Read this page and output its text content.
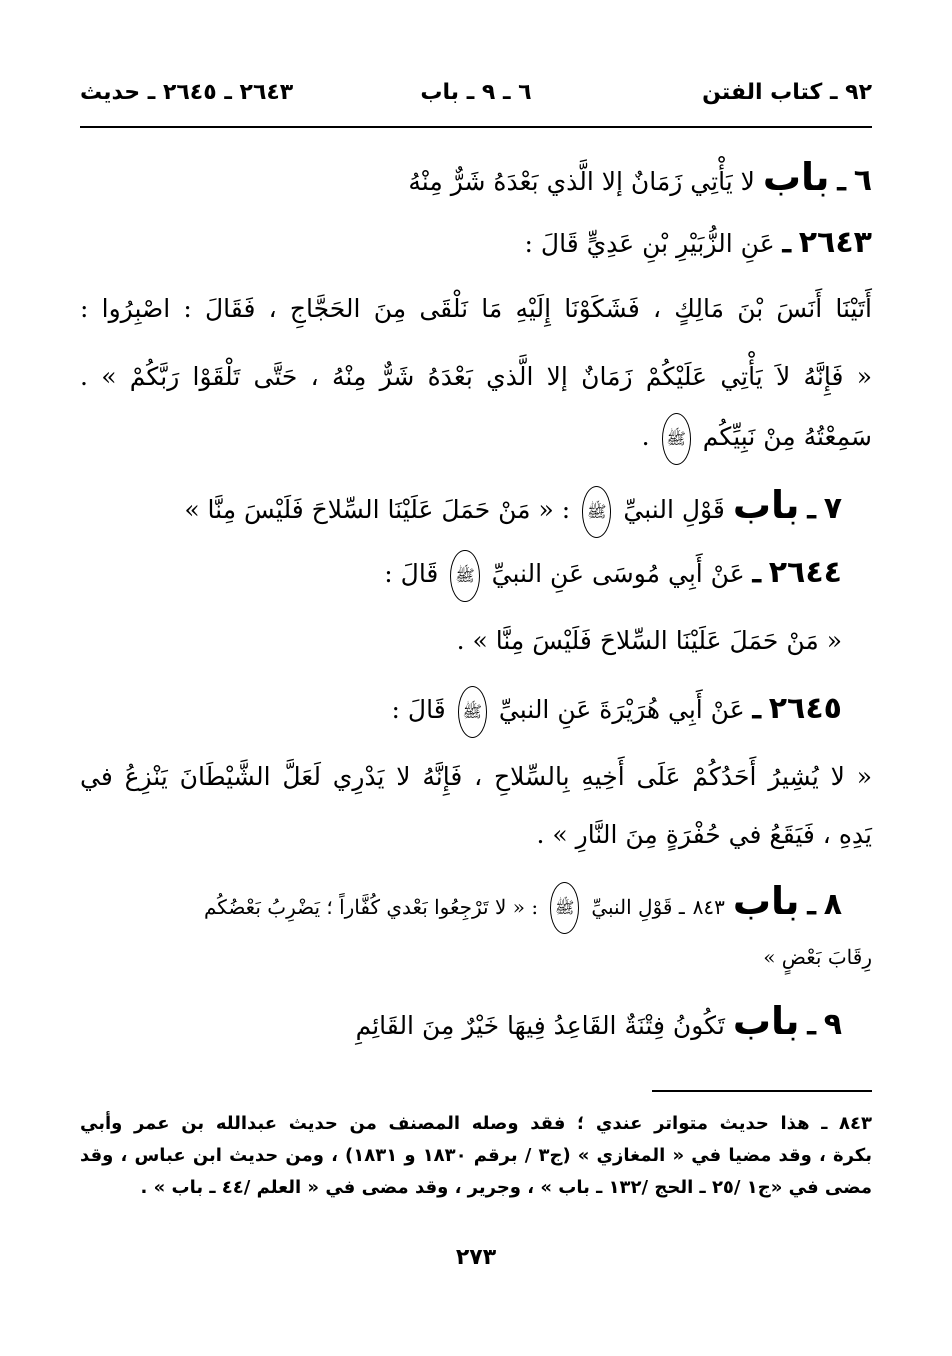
٩٢ ـ كتاب الفتن
٦ ـ ٩ ـ باب
٢٦٤٣ ـ ٢٦٤٥ ـ حديث
٦ ـ باب لا يَأْتِي زَمَانٌ إلا الَّذي بَعْدَهُ شَرٌّ مِنْهُ
٢٦٤٣ ـ عَنِ الزُّبَيْرِ بْنِ عَدِيٍّ قَالَ :
أَتَيْنَا أَنَسَ بْنَ مَالِكٍ ، فَشَكَوْنَا إِلَيْهِ مَا نَلْقَى مِنَ الحَجَّاجِ ، فَقَالَ : اصْبِرُوا :
« فَإِنَّهُ لاَ يَأْتِي عَلَيْكُمْ زَمَانٌ إلا الَّذي بَعْدَهُ شَرٌّ مِنْهُ ، حَتَّى تَلْقَوْا رَبَّكُمْ » .
سَمِعْتُهُ مِنْ نَبِيِّكُم ﷺ .
٧ ـ باب قَوْلِ النبيِّ ﷺ : « مَنْ حَمَلَ عَلَيْنَا السِّلاحَ فَلَيْسَ مِنَّا »
٢٦٤٤ ـ عَنْ أَبِي مُوسَى عَنِ النبيِّ ﷺ قَالَ :
« مَنْ حَمَلَ عَلَيْنَا السِّلاحَ فَلَيْسَ مِنَّا » .
٢٦٤٥ ـ عَنْ أَبِي هُرَيْرَةَ عَنِ النبيِّ ﷺ قَالَ :
« لا يُشِيرُ أَحَدُكُمْ عَلَى أَخِيهِ بِالسِّلاحِ ، فَإِنَّهُ لا يَدْرِي لَعَلَّ الشَّيْطَانَ يَنْزِعُ في
يَدِهِ ، فَيَقَعُ في حُفْرَةٍ مِنَ النَّارِ » .
٨ ـ باب ٨٤٣ ـ قَوْلِ النبيِّ ﷺ : « لا تَرْجِعُوا بَعْدي كُفَّاراً ؛ يَضْرِبُ بَعْضُكُم
رِقَابَ بَعْضٍ »
٩ ـ باب تَكُونُ فِتْنَةٌ القَاعِدُ فِيهَا خَيْرٌ مِنَ القَائِمِ
٨٤٣ ـ هذا حديث متواتر عندي ؛ فقد وصله المصنف من حديث عبدالله بن عمر وأبي
بكرة ، وقد مضيا في « المغازي » (ج٣ / برقم ١٨٣٠ و ١٨٣١) ، ومن حديث ابن عباس ، وقد
مضى في «ج١ /٢٥ ـ الحج /١٣٢ ـ باب » ، وجرير ، وقد مضى في « العلم /٤٤ ـ باب » .
٢٧٣
